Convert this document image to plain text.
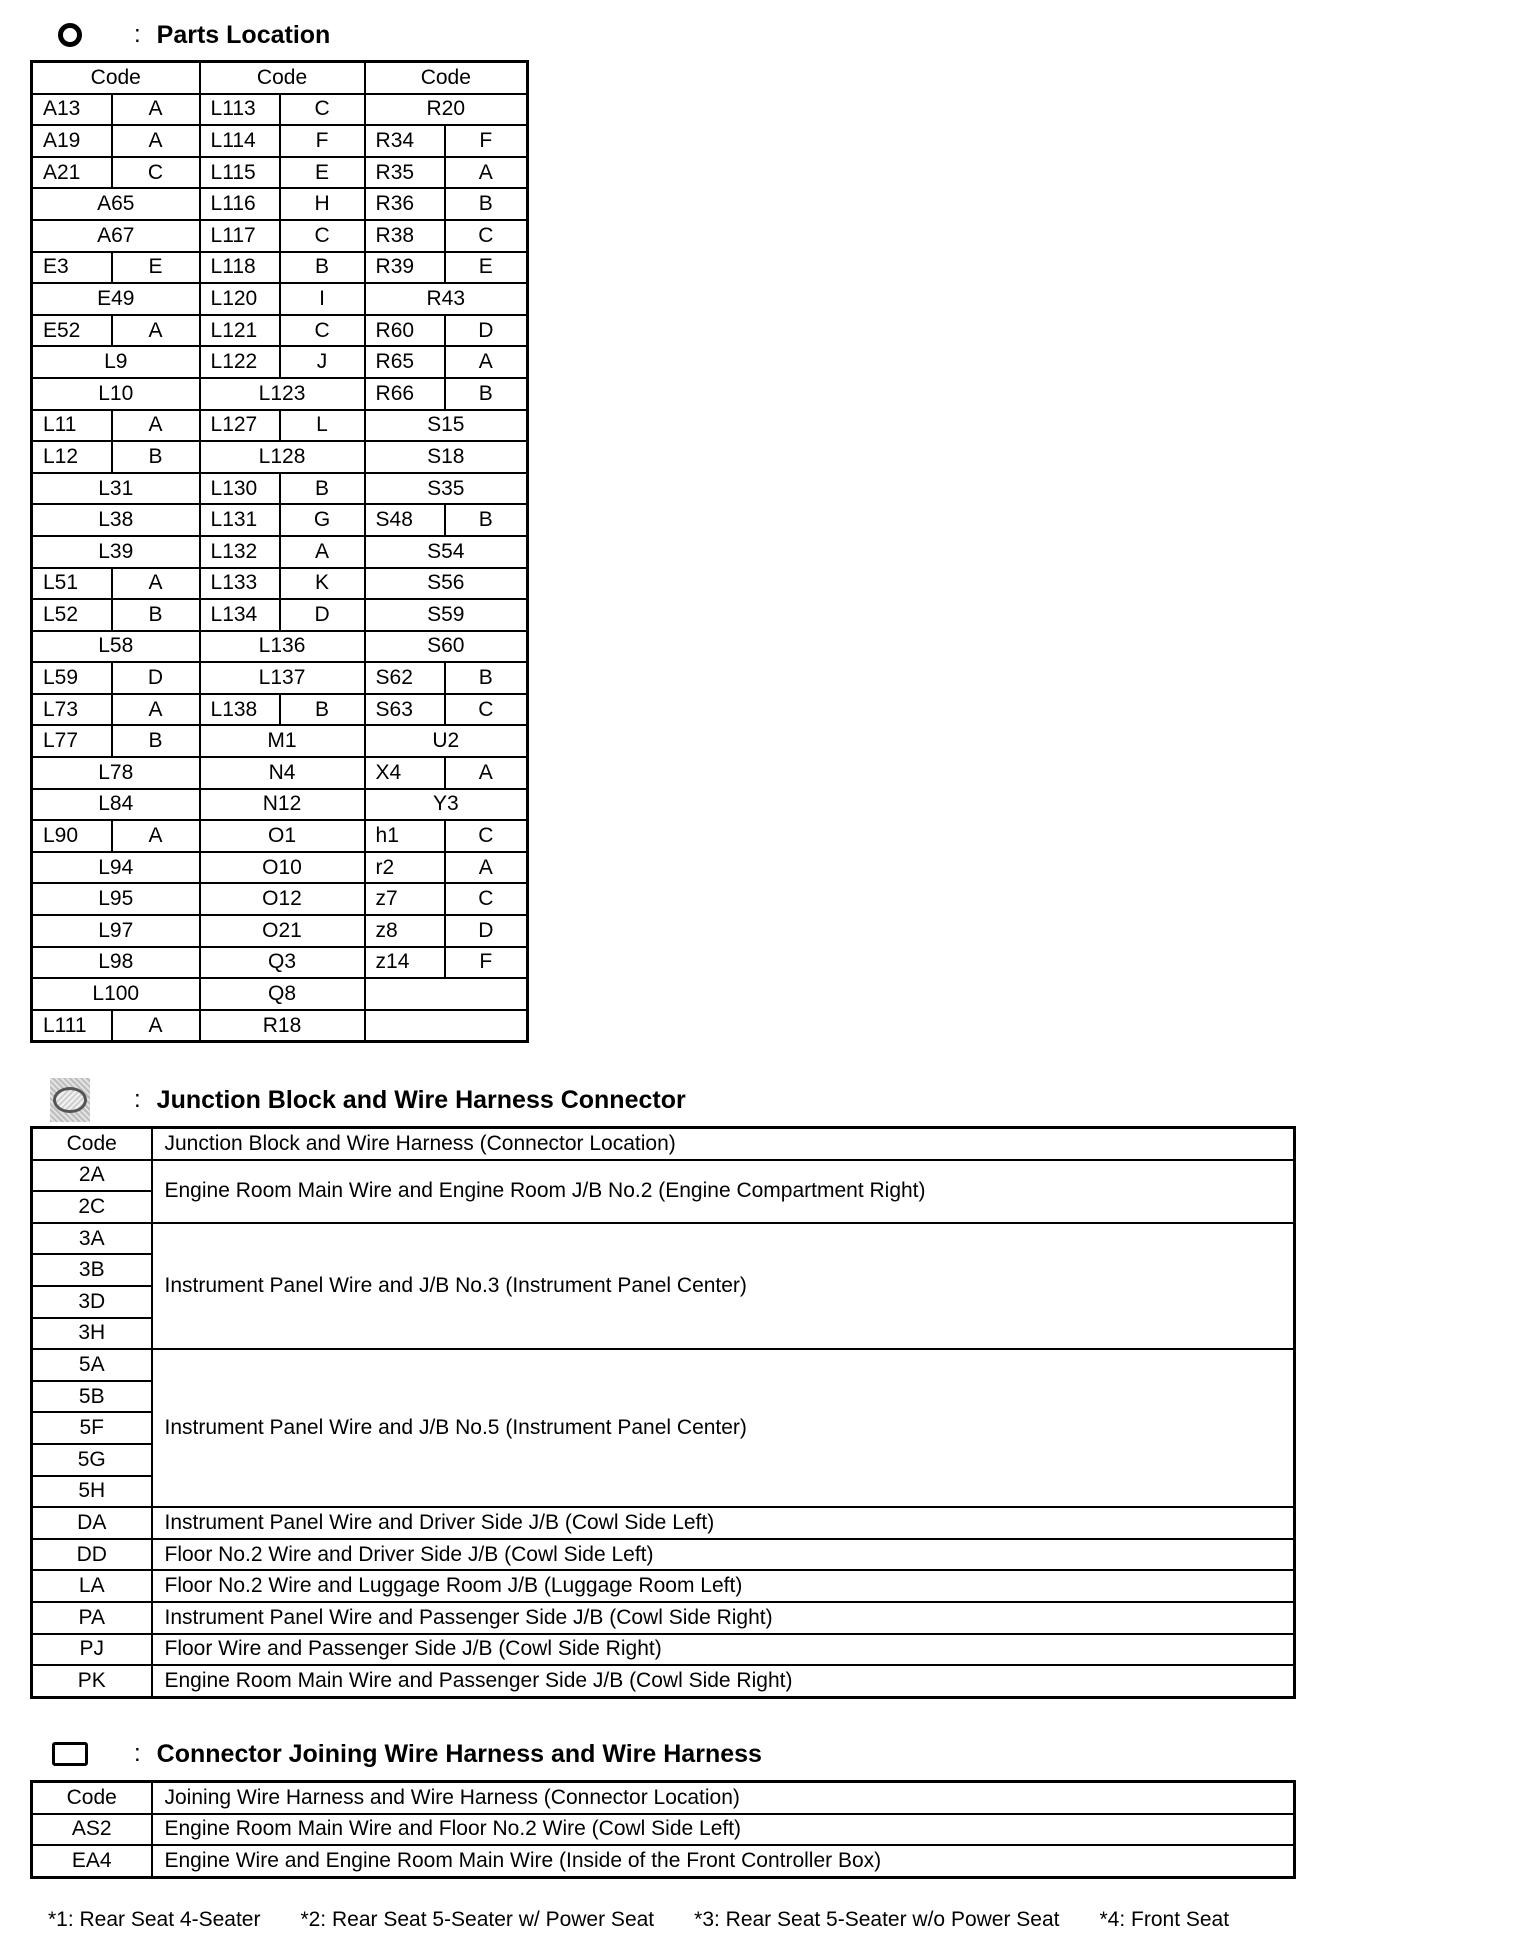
: Parts Location
Code		Code		Code	
A13	A	L113	C	R20	
A19	A	L114	F	R34	F
A21	C	L115	E	R35	A
A65		L116	H	R36	B
A67		L117	C	R38	C
E3	E	L118	B	R39	E
E49		L120	I	R43	
E52	A	L121	C	R60	D
L9		L122	J	R65	A
L10		L123		R66	B
L11	A	L127	L	S15	
L12	B	L128		S18	
L31		L130	B	S35	
L38		L131	G	S48	B
L39		L132	A	S54	
L51	A	L133	K	S56	
L52	B	L134	D	S59	
L58		L136		S60	
L59	D	L137		S62	B
L73	A	L138	B	S63	C
L77	B	M1		U2	
L78		N4		X4	A
L84		N12		Y3	
L90	A	O1		h1	C
L94		O10		r2	A
L95		O12		z7	C
L97		O21		z8	D
L98		Q3		z14	F
L100		Q8			
L111	A	R18			
: Junction Block and Wire Harness Connector
Code	Junction Block and Wire Harness (Connector Location)
2A	Engine Room Main Wire and Engine Room J/B No.2 (Engine Compartment Right)
2C	
3A	Instrument Panel Wire and J/B No.3 (Instrument Panel Center)
3B	
3D	
3H	
5A	Instrument Panel Wire and J/B No.5 (Instrument Panel Center)
5B	
5F	
5G	
5H	
DA	Instrument Panel Wire and Driver Side J/B (Cowl Side Left)
DD	Floor No.2 Wire and Driver Side J/B (Cowl Side Left)
LA	Floor No.2 Wire and Luggage Room J/B (Luggage Room Left)
PA	Instrument Panel Wire and Passenger Side J/B (Cowl Side Right)
PJ	Floor Wire and Passenger Side J/B (Cowl Side Right)
PK	Engine Room Main Wire and Passenger Side J/B (Cowl Side Right)
: Connector Joining Wire Harness and Wire Harness
Code	Joining Wire Harness and Wire Harness (Connector Location)
AS2	Engine Room Main Wire and Floor No.2 Wire (Cowl Side Left)
EA4	Engine Wire and Engine Room Main Wire (Inside of the Front Controller Box)
*1: Rear Seat 4-Seater *2: Rear Seat 5-Seater w/ Power Seat *3: Rear Seat 5-Seater w/o Power Seat *4: Front Seat
